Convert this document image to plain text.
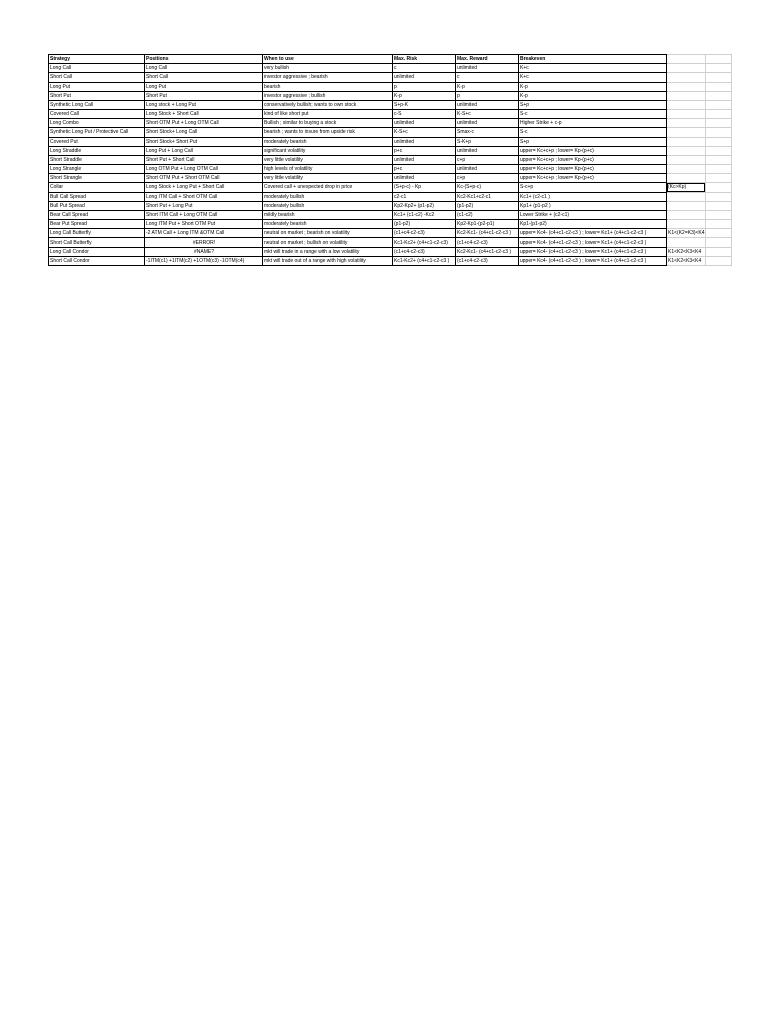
Strategy	Positions	When to use	Max. Risk	Max. Reward	Breakeven		
Long Call	Long Call	very bullish	c	unlimited	K+c		
Short Call	Short Call	investor aggressive ; bearish	unlimited	c	K+c		
Long Put	Long Put	bearish	p	K-p	K-p		
Short Put	Short Put	investor aggressive ; bullish	K-p	p	K-p		
Synthetic Long Call	Long stock + Long Put	conservatively bullish; wants to own stock	S+p-K	unlimited	S+p		
Covered Call	Long Stock + Short Call	kind of like short put	c-S	K-S+c	S-c		
Long Combo	Short OTM Put + Long OTM Call	Bullish ; similar to buying a stock	unlimited	unlimited	Higher Strike + c-p		
Synthetic Long Put / Protective Call	Short Stock+ Long Call	bearish ; wants to insure from upside risk	K-S+c	Smax-c	S-c		
Covered Put	Short Stock+ Short Put	moderately bearish	unlimited	S-K+p	S+p		
Long Straddle	Long Put + Long Call	significant volatility	p+c	unlimited	upper= Kc+c+p ; lower= Kp-(p+c)		
Short Straddle	Short Put + Short Call	very little volatility	unlimited	c+p	upper= Kc+c+p ; lower= Kp-(p+c)		
Long Strangle	Long OTM Put + Long OTM Call	high levels of volatility	p+c	unlimited	upper= Kc+c+p ; lower= Kp-(p+c)		
Short Strangle	Short OTM Put + Short OTM Call	very little volatility	unlimited	c+p	upper= Kc+c+p ; lower= Kp-(p+c)		
Collar	Long Stock + Long Put + Short Call	Covered call + unexpected drop in price	(S+p-c) - Kp	Kc-(S+p-c)	S-c+p	(Kc>Kp)	
Bull Call Spread	Long ITM Call + Short OTM Call	moderately bullish	c2-c1	Kc2-Kc1+c2-c1	Kc1+ (c2-c1 )		
Bull Put Spread	Short Put + Long Put	moderately bullish	Kp2-Kp2+ (p1-p2)	(p1-p2)	Kp1+ (p1-p2 )		
Bear Call Spread	Short ITM Call + Long OTM Call	mildly bearish	Kc1+ (c1-c2) -Kc2	(c1-c2)	Lower Strike + (c2-c1)		
Bear Put Spread	Long ITM Put + Short OTM Put	moderately bearish	(p1-p2)	Kp2-Kp1-(p2-p1)	Kp1-(p1-p2)		
Long Call Butterfly	-2 ATM Call + Long ITM &OTM Call	neutral on market ; bearish on volatility	(c1+c4-c2-c3)	Kc2-Kc1- (c4+c1-c2-c3 )	upper= Kc4- (c4+c1-c2-c3 ) ; lower= Kc1+ (c4+c1-c2-c3 )	K1<(K2=K3)<K4	
Short Call Butterfly	#ERROR!	neutral on market ; bullish on volatility	Kc1-Kc2+ (c4+c1-c2-c3)	(c1+c4-c2-c3)	upper= Kc4- (c4+c1-c2-c3 ) ; lower= Kc1+ (c4+c1-c2-c3 )		
Long Call Condor	#NAME?	mkt will trade in a range with a low volatility	(c1+c4-c2-c3)	Kc2-Kc1- (c4+c1-c2-c3 )	upper= Kc4- (c4+c1-c2-c3 ) ; lower= Kc1+ (c4+c1-c2-c3 )	K1<K2<K3<K4	
Short Call Condor	-1ITM(c1) +1ITM(c2) +1OTM(c3) -1OTM(c4)	mkt will trade out of a range with high volatility	Kc1-Kc2+ (c4+c1-c2-c3 )	(c1+c4-c2-c3)	upper= Kc4- (c4+c1-c2-c3 ) ; lower= Kc1+ (c4+c1-c2-c3 )	K1<K2<K3<K4	
